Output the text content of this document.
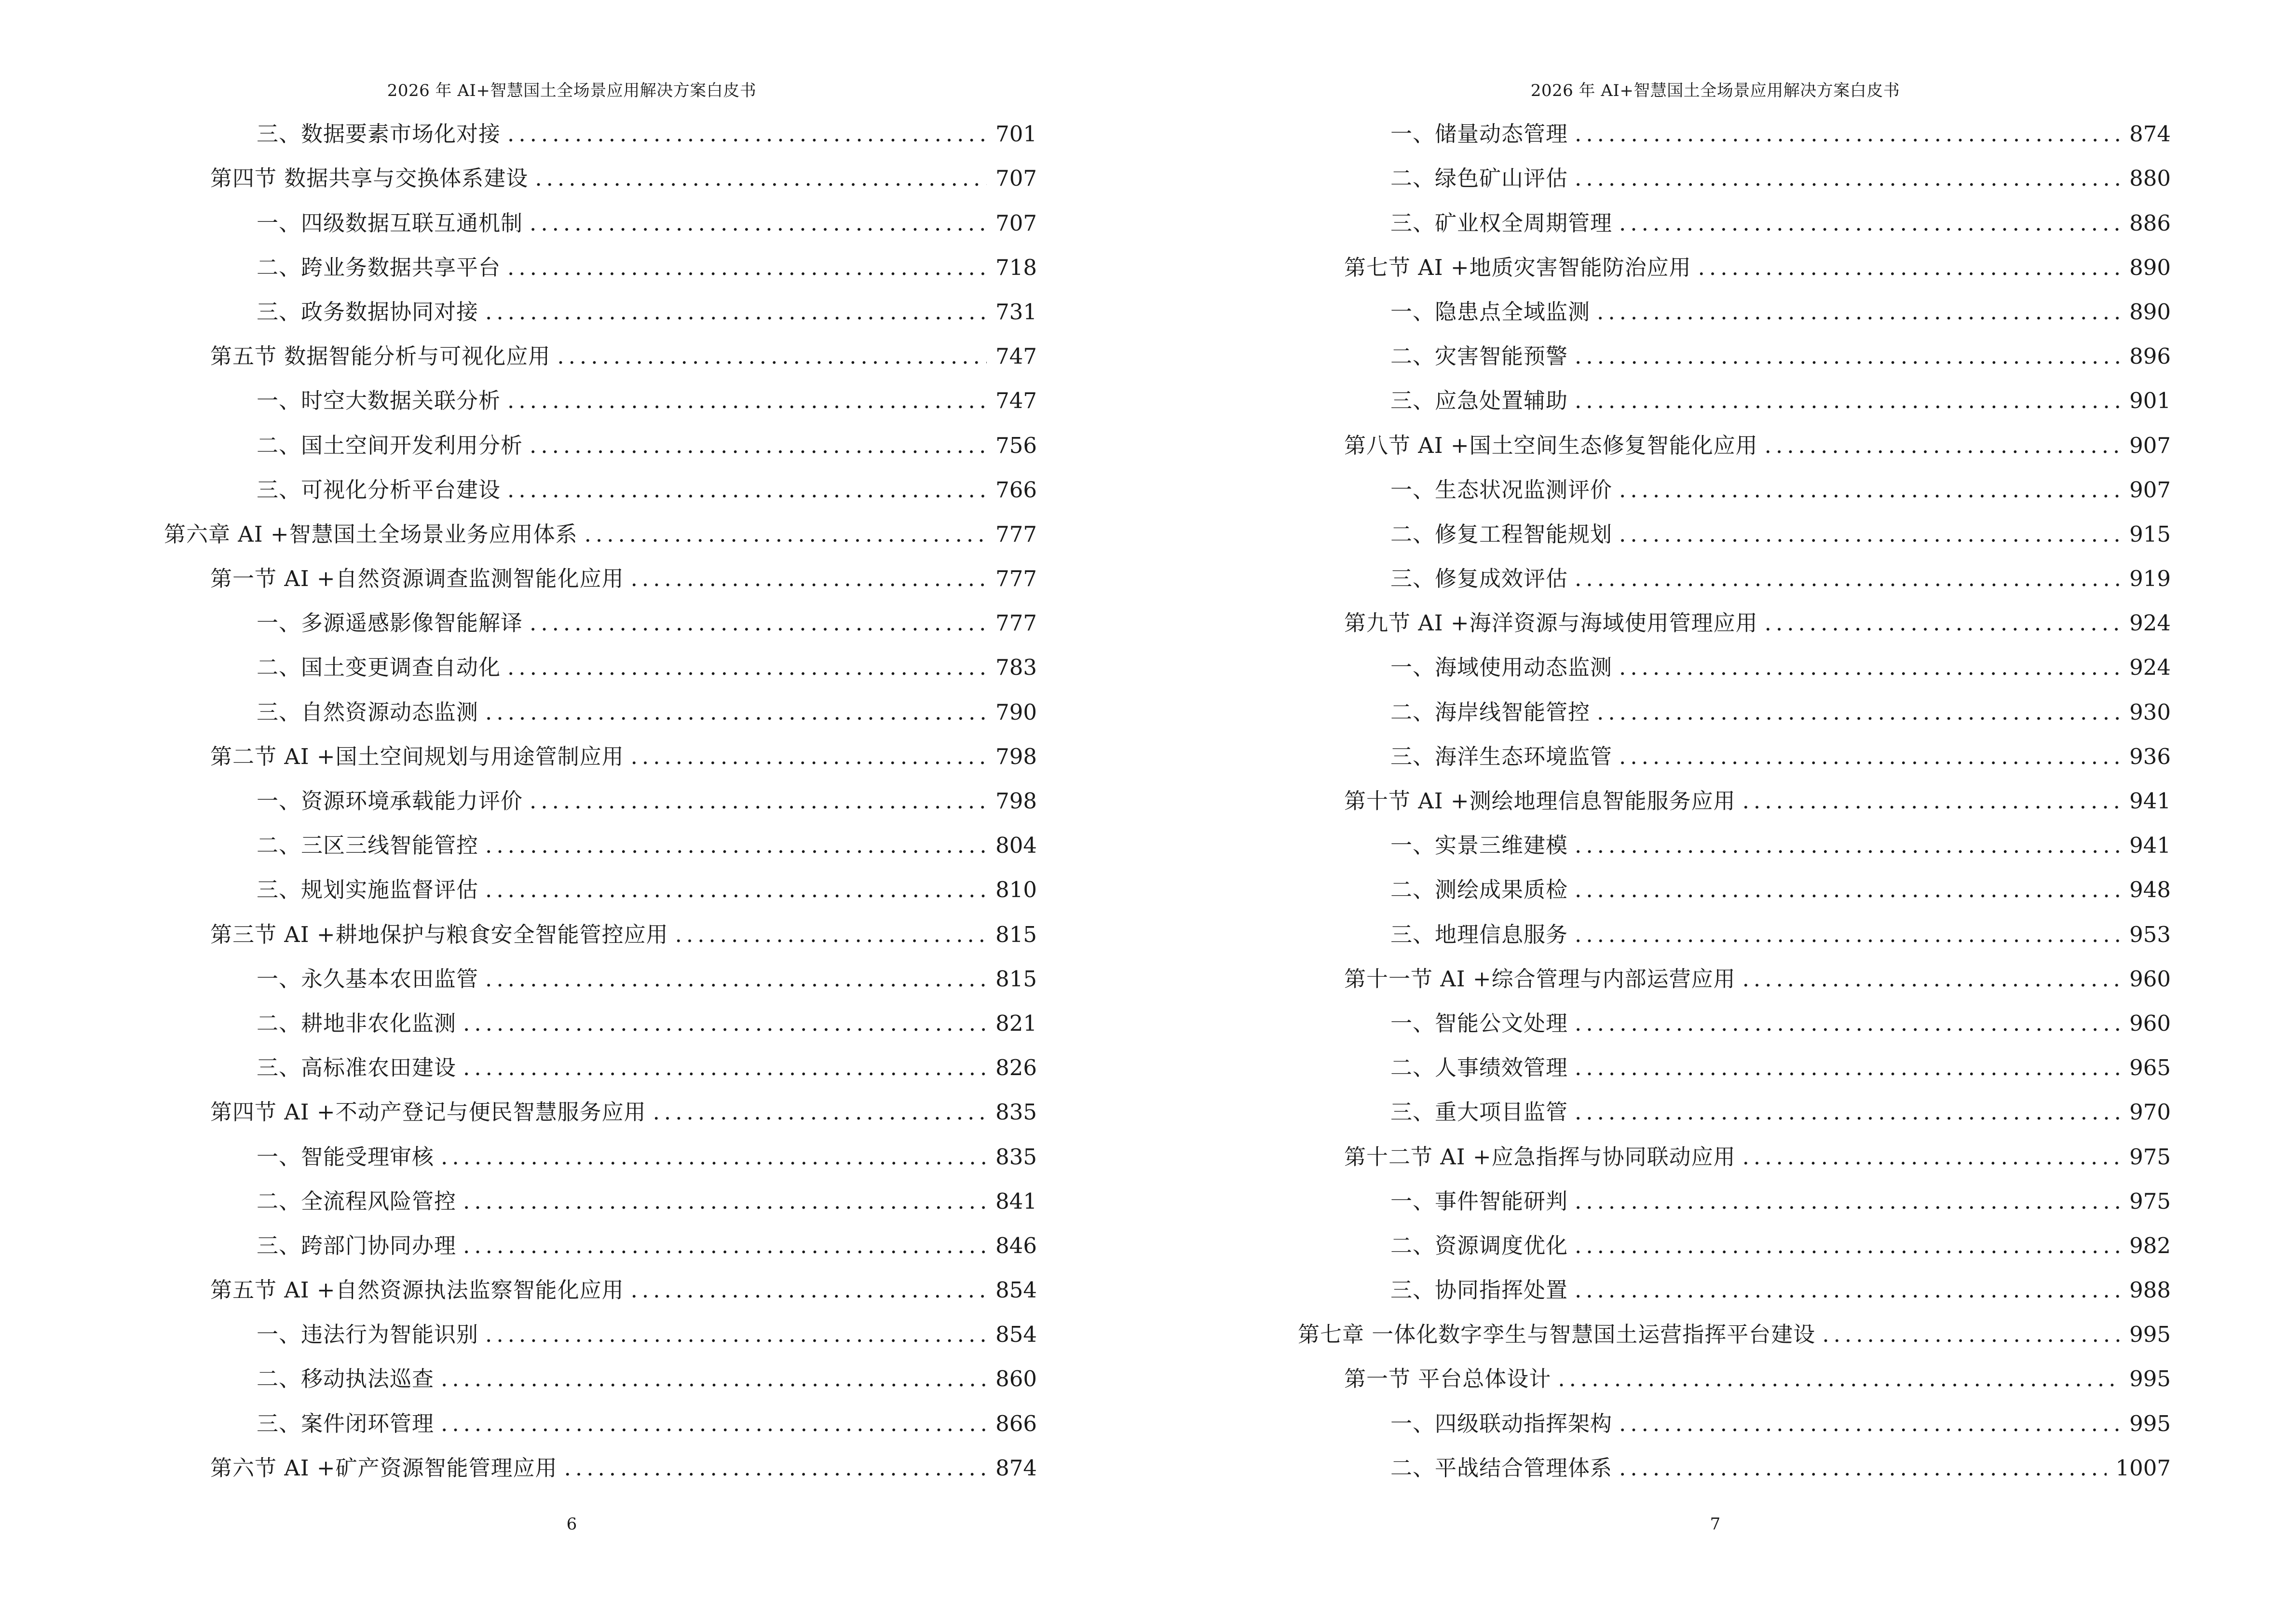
2026 年 AI+智慧国土全场景应用解决方案白皮书
三、数据要素市场化对接 .....	701
第四节 数据共享与交换体系建设 .....	707
一、四级数据互联互通机制 .....	707
二、跨业务数据共享平台 .....	718
三、政务数据协同对接 .....	731
第五节 数据智能分析与可视化应用 .....	747
一、时空大数据关联分析 .....	747
二、国土空间开发利用分析 .....	756
三、可视化分析平台建设 .....	766
第六章 AI +智慧国土全场景业务应用体系 .....	777
第一节 AI +自然资源调查监测智能化应用 .....	777
一、多源遥感影像智能解译 .....	777
二、国土变更调查自动化 .....	783
三、自然资源动态监测 .....	790
第二节 AI +国土空间规划与用途管制应用 .....	798
一、资源环境承载能力评价 .....	798
二、三区三线智能管控 .....	804
三、规划实施监督评估 .....	810
第三节 AI +耕地保护与粮食安全智能管控应用 .....	815
一、永久基本农田监管 .....	815
二、耕地非农化监测 .....	821
三、高标准农田建设 .....	826
第四节 AI +不动产登记与便民智慧服务应用 .....	835
一、智能受理审核 .....	835
二、全流程风险管控 .....	841
三、跨部门协同办理 .....	846
第五节 AI +自然资源执法监察智能化应用 .....	854
一、违法行为智能识别 .....	854
二、移动执法巡查 .....	860
三、案件闭环管理 .....	866
第六节 AI +矿产资源智能管理应用 .....	874
6
2026 年 AI+智慧国土全场景应用解决方案白皮书
一、储量动态管理 .....	874
二、绿色矿山评估 .....	880
三、矿业权全周期管理 .....	886
第七节 AI +地质灾害智能防治应用 .....	890
一、隐患点全域监测 .....	890
二、灾害智能预警 .....	896
三、应急处置辅助 .....	901
第八节 AI +国土空间生态修复智能化应用 .....	907
一、生态状况监测评价 .....	907
二、修复工程智能规划 .....	915
三、修复成效评估 .....	919
第九节 AI +海洋资源与海域使用管理应用 .....	924
一、海域使用动态监测 .....	924
二、海岸线智能管控 .....	930
三、海洋生态环境监管 .....	936
第十节 AI +测绘地理信息智能服务应用 .....	941
一、实景三维建模 .....	941
二、测绘成果质检 .....	948
三、地理信息服务 .....	953
第十一节 AI +综合管理与内部运营应用 .....	960
一、智能公文处理 .....	960
二、人事绩效管理 .....	965
三、重大项目监管 .....	970
第十二节 AI +应急指挥与协同联动应用 .....	975
一、事件智能研判 .....	975
二、资源调度优化 .....	982
三、协同指挥处置 .....	988
第七章 一体化数字孪生与智慧国土运营指挥平台建设 .....	995
第一节 平台总体设计 .....	995
一、四级联动指挥架构 .....	995
二、平战结合管理体系 .....	1007
7
